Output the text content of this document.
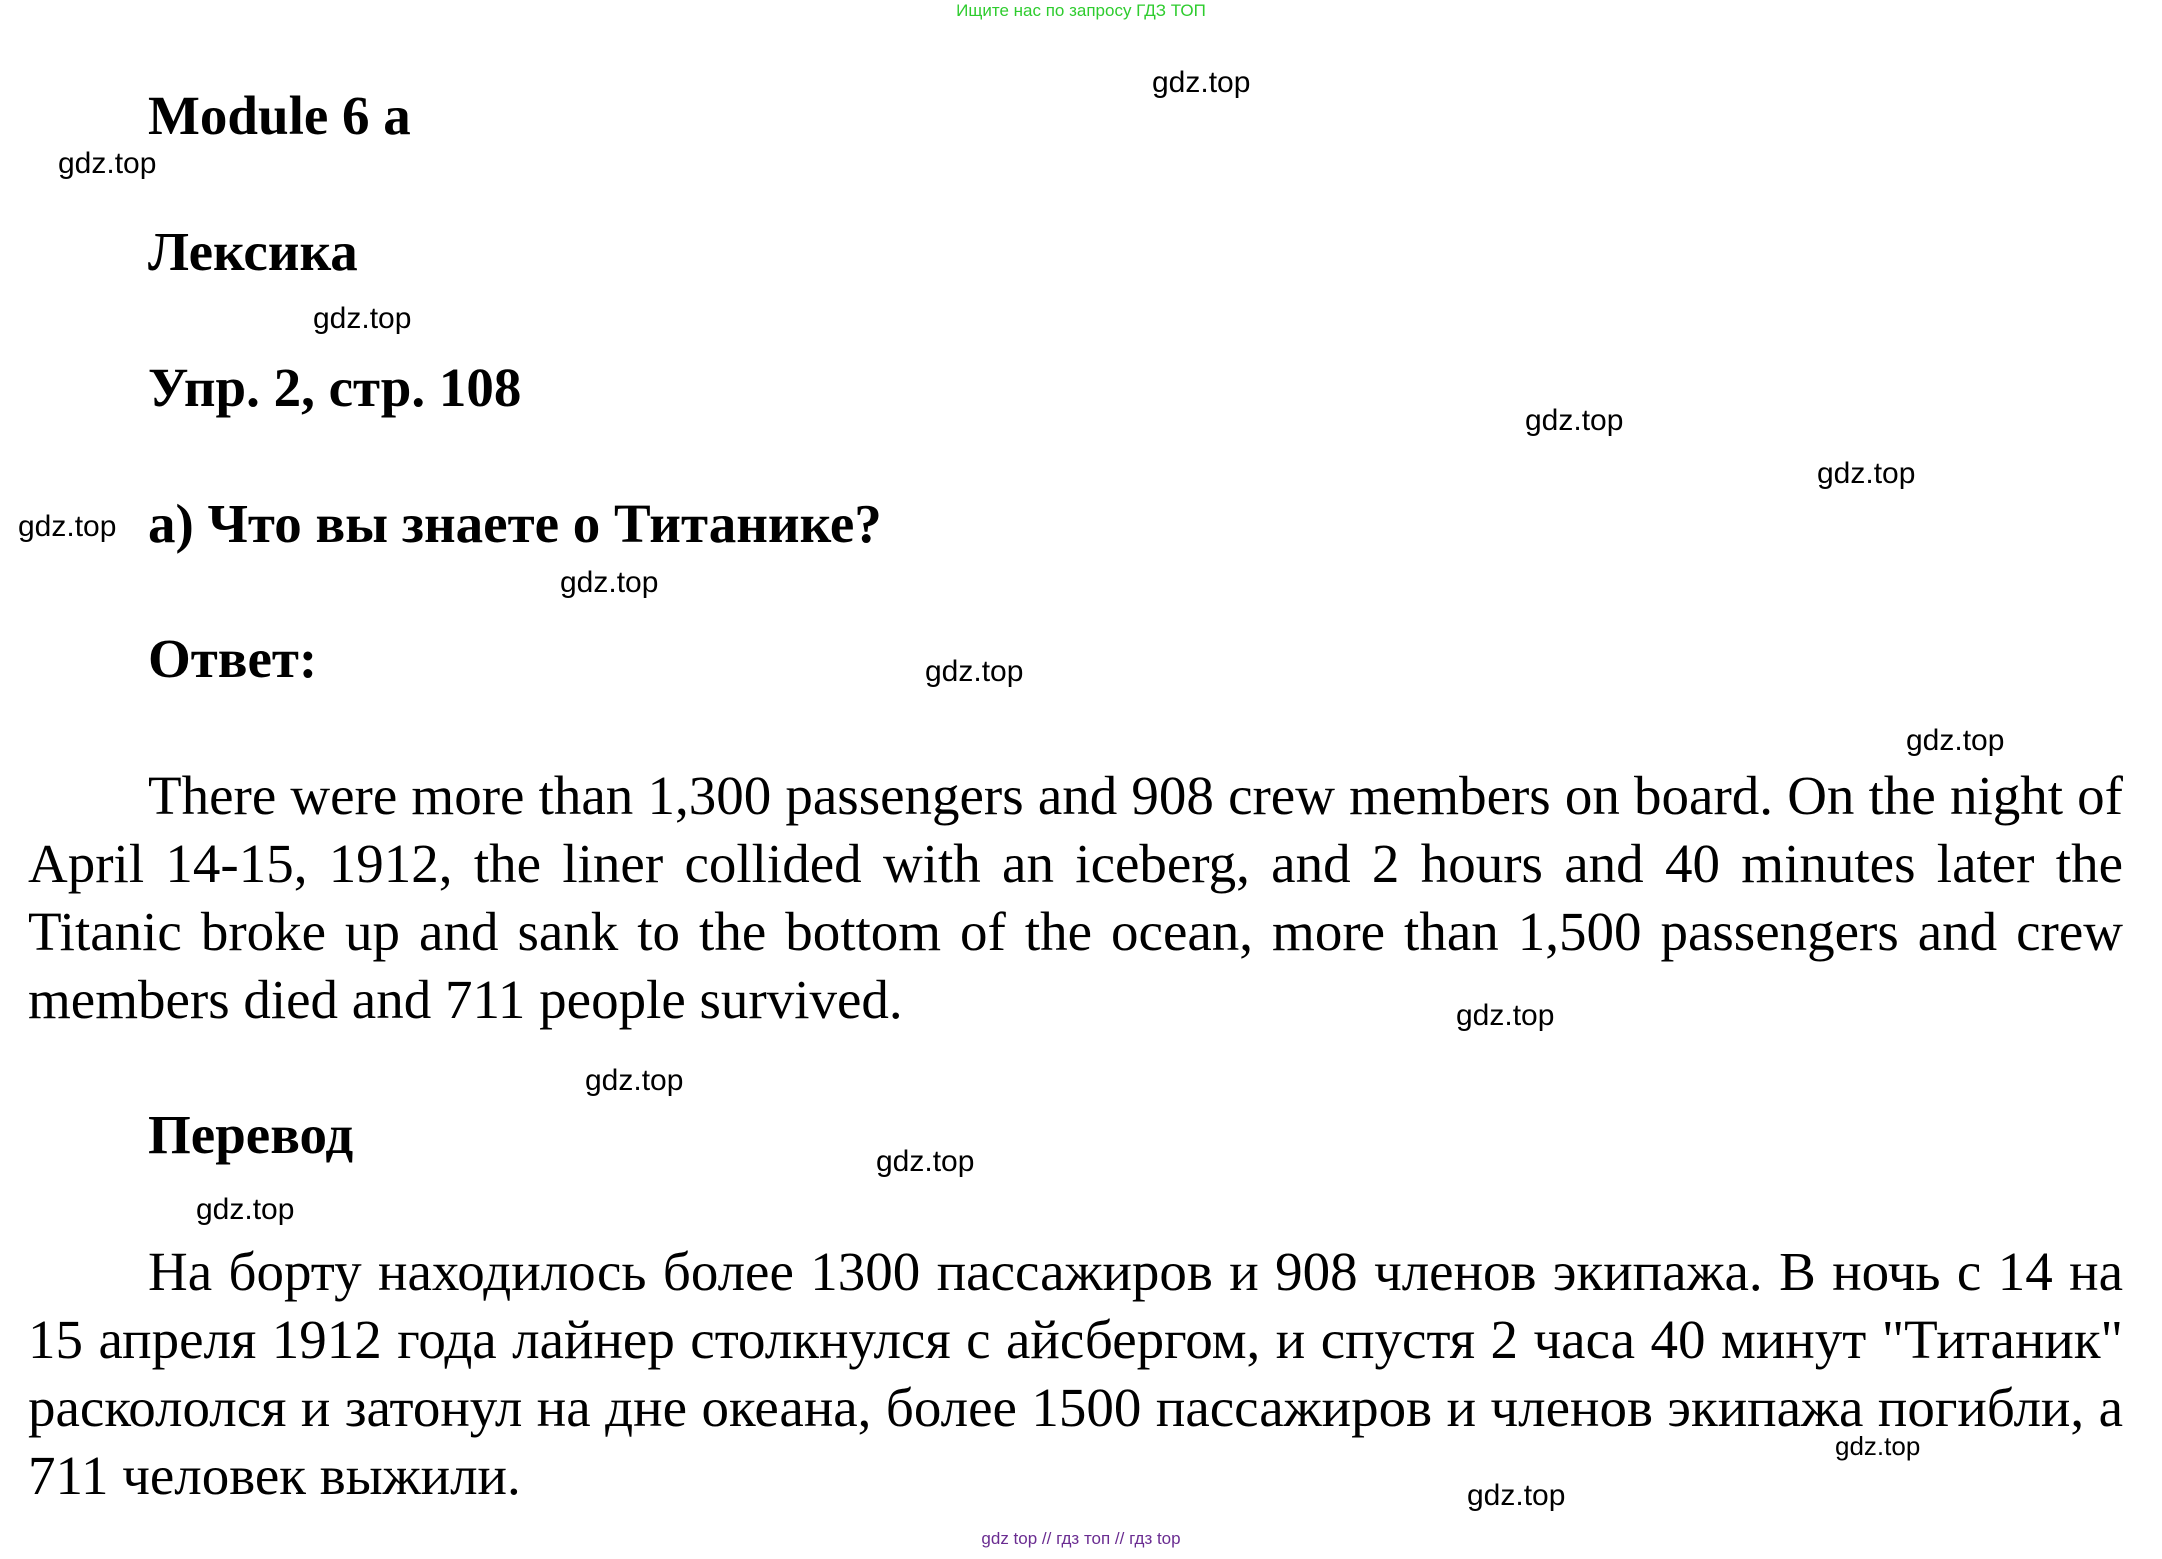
Ищите нас по запросу ГДЗ ТОП
Module 6 a
Лексика
Упр. 2, стр. 108
a) Что вы знаете о Титанике?
Ответ:

There were more than 1,300 passengers and 908 crew members on board. On the night of April 14-15, 1912, the liner collided with an iceberg, and 2 hours and 40 minutes later the Titanic broke up and sank to the bottom of the ocean, more than 1,500 passengers and crew members died and 711 people survived.

Перевод

На борту находилось более 1300 пассажиров и 908 членов экипажа. В ночь с 14 на 15 апреля 1912 года лайнер столкнулся с айсбергом, и спустя 2 часа 40 минут "Титаник" раскололся и затонул на дне океана, более 1500 пассажиров и членов экипажа погибли, а 711 человек выжили.

gdz.top
gdz.top
gdz.top
gdz.top
gdz.top
gdz.top
gdz.top
gdz.top
gdz.top
gdz.top
gdz.top
gdz.top
gdz.top
gdz.top
gdz.top
gdz top // гдз топ // гдз top
